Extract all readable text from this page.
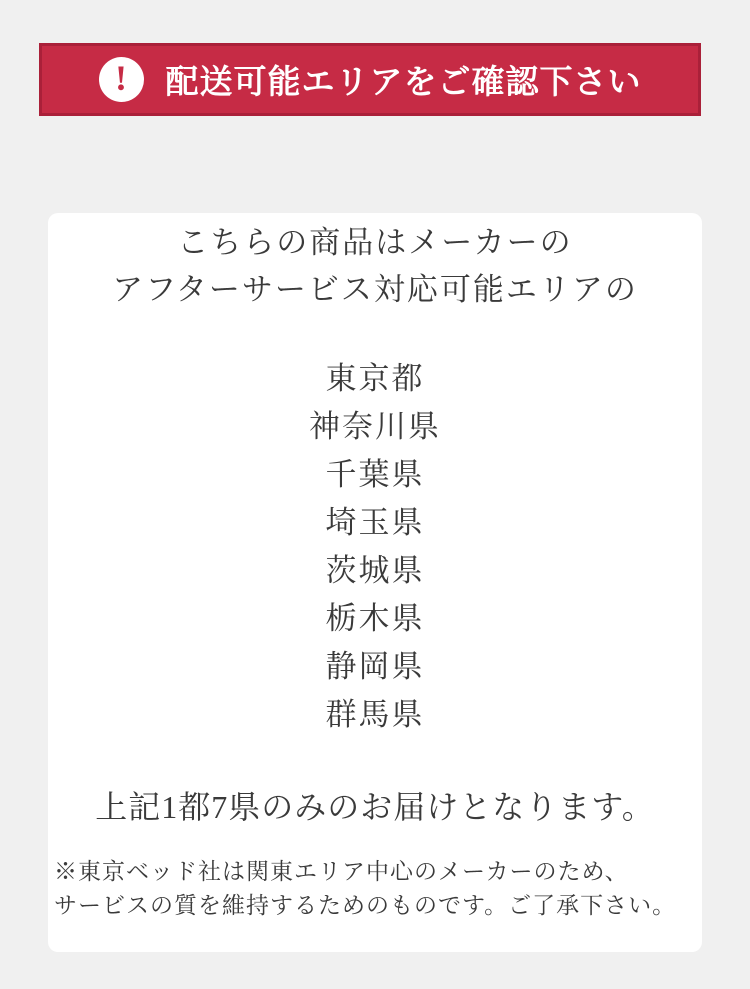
! 配送可能エリアをご確認下さい

こちらの商品はメーカーの

アフターサービス対応可能エリアの

東京都
神奈川県
千葉県
埼玉県
茨城県
栃木県
静岡県
群馬県

上記1都7県のみのお届けとなります。

※東京ベッド社は関東エリア中心のメーカーのため、
サービスの質を維持するためのものです。ご了承下さい。
